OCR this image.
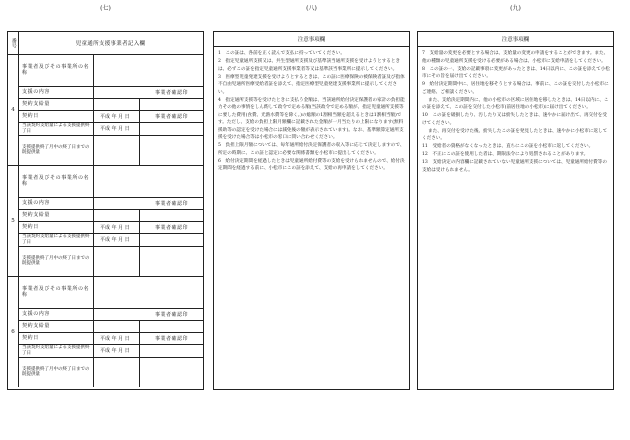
(七)	(八)	(九)
番号	児童通所支援事業者記入欄
4
事業者及びその事業所の名称
支援の内容	事業者確認印
契約支給量
契約日	平成 年 月 日	事業者確認印
当該契約支給量による支援提供終了日	平成 年 月 日
支援提供終了月中の終了日までの既提供量
5
事業者及びその事業所の名称
支援の内容	事業者確認印
契約支給量
契約日	平成 年 月 日	事業者確認印
当該契約支給量による支援提供終了日	平成 年 月 日
支援提供終了月中の終了日までの既提供量
6
事業者及びその事業所の名称
支援の内容	事業者確認印
契約支給量
契約日	平成 年 月 日	事業者確認印
当該契約支給量による支援提供終了日	平成 年 月 日
支援提供終了月中の終了日までの既提供量
注意事項欄

1　この証は、各前を正く読んで支払に持っていてください。

2　指定児童通所支援又は、共生型通所支援及び基準該当通所支援を受けようとするときは、必ずこの証を指定児童通所支援事業者等又は基準該当事業所に提示してください。

3　医療型児童発達支援を受けようとするときは、この証に医療保険の被保険者証及び指体不自由児通所医療受給者証を添えて、指定医療型児童発達支援事業所に提示してください。

4　指定通所支援等を受けたときに支払う金額は、当該通所給付決定保護者の家計の負担能力その他の事情をしん酌して政令で定める額(当該政令で定める額が、指定児童通所支援等に要した費用(食費、光熱水費等を除く。)の総額の1割相当額を超えるときは1割相当額)です。ただし、支給の負担上限月額欄に記載された金額が一月当たりの上限になります(無料援助等の認定を受けた場合には減免後の額が表示されています)。なお、基準額算定通所支援を受けた場合等は小松市の窓口に問い合わせください。

5　負担上限月額については、毎年通所給付決定保護者の収入等に応じて決定しますので、所定の時期に、この証と認定に必要な関係書類を小松市に提出してください。

6　給付決定期間を経過したときは児童通所給付費等の支給を受けられませんので、給付決定期間を経過する前に、小松市にこの証を添えて、支給の再申請をしてください。

注意事項欄

7　支給量の変更を必要とする場合は、支給量の変更の申請をすることができます。また、他の種類の児童通所支援を受ける必要がある場合は、小松市に支給申請をしてください。

8　この証の一、支給の記載事項に変更があったときは、14日以内に、この証を添えて小松市にその旨を届け出てください。

9　給付決定期間中に、居住地を移そうとする場合は、事前に、この証を交付した小松市にご連絡、ご相談ください。

また、支給決定期間内に、他の小松市の区域に居住地を移したときは、14日以内に、この証を添えて、この証を交付した小松市(前居住地の小松市)に届け出てください。

10　この証を破損したり、汚したり又は紛失したときは、速やかに届け出て、再交付を受けてください。

また、再交付を受けた後、紛失したこの証を発見したときは、速やかに小松市に返してください。

11　受給者の資格がなくなったときは、直ちにこの証を小松市に返してください。

12　不正にこの証を使用した者は、期限法令により処罰されることがあります。

13　支給決定の内容欄に記載されていない児童通所支援については、児童通所給付費等の支給は受けられません。
